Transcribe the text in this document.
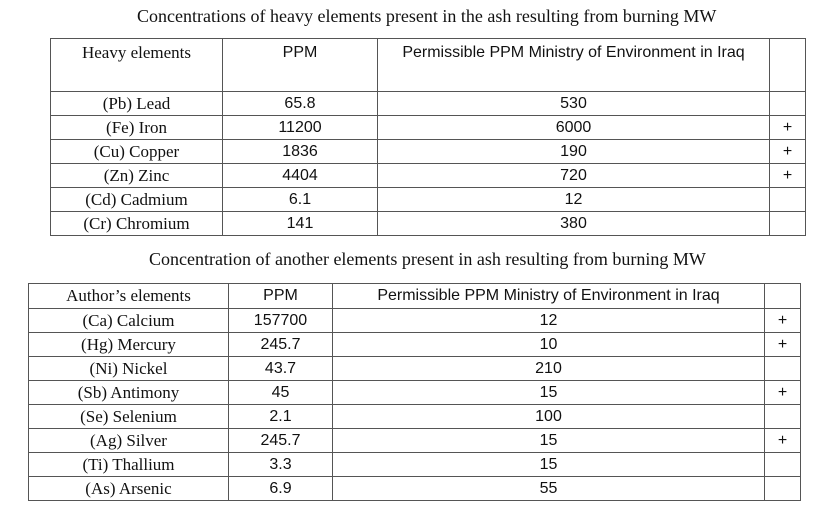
Concentrations of heavy elements present in the ash resulting from burning MW
Heavy elements	PPM	Permissible PPM Ministry of Environment in Iraq	
(Pb) Lead	65.8	530	
(Fe) Iron	11200	6000	+
(Cu) Copper	1836	190	+
(Zn) Zinc	4404	720	+
(Cd) Cadmium	6.1	12	
(Cr) Chromium	141	380	
Concentration of another elements present in ash resulting from burning MW
Author’s elements	PPM	Permissible PPM Ministry of Environment in Iraq	
(Ca) Calcium	157700	12	+
(Hg) Mercury	245.7	10	+
(Ni) Nickel	43.7	210	
(Sb) Antimony	45	15	+
(Se) Selenium	2.1	100	
(Ag) Silver	245.7	15	+
(Ti) Thallium	3.3	15	
(As) Arsenic	6.9	55	
